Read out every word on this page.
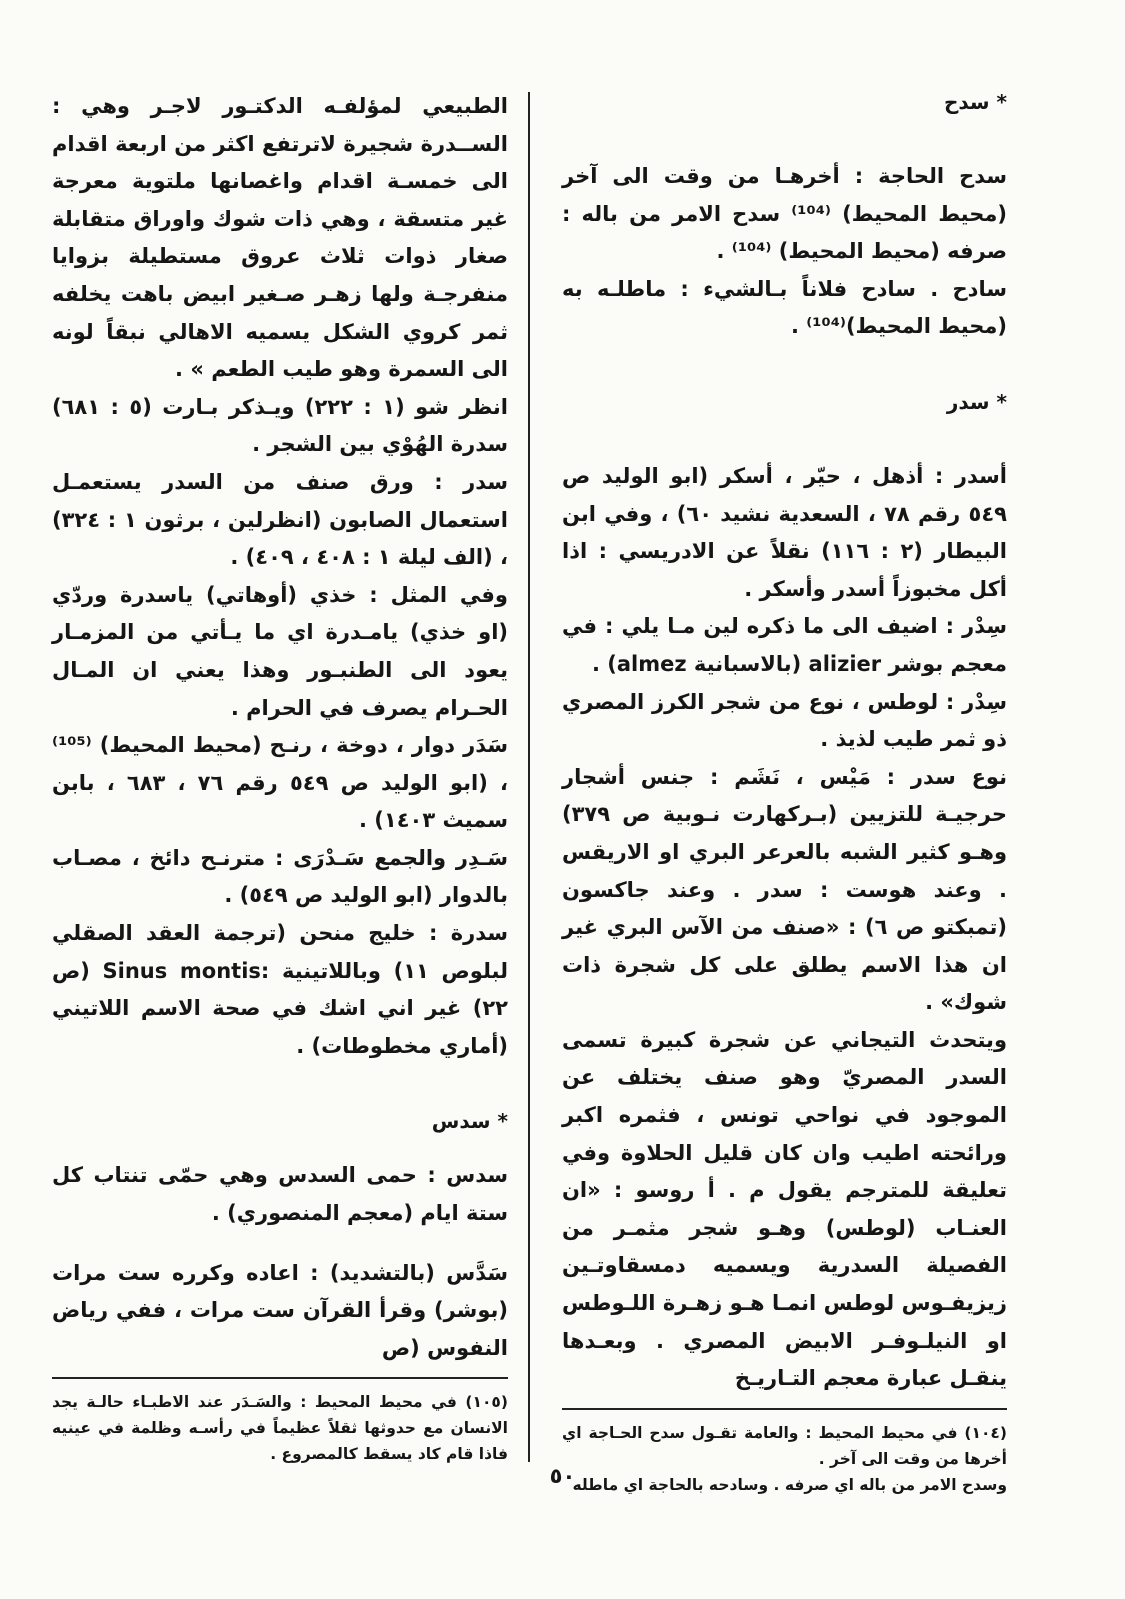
* سدح

سدح الحاجة : أخرهـا من وقت الى آخر (محيط المحيط) ⁽¹⁰⁴⁾ سدح الامر من باله : صرفه (محيط المحيط) ⁽¹⁰⁴⁾ .

سادح . سادح فلاناً بـالشيء : ماطلـه به (محيط المحيط)⁽¹⁰⁴⁾ .

* سدر

أسدر : أذهل ، حيّر ، أسكر (ابو الوليد ص ٥٤٩ رقم ٧٨ ، السعدية نشيد ٦٠) ، وفي ابن البيطار (٢ : ١١٦) نقلاً عن الادريسي : اذا أكل مخبوزاً أسدر وأسكر .

سِدْر : اضيف الى ما ذكره لين مـا يلي : في معجم بوشر alizier (بالاسبانية almez) .

سِدْر : لوطس ، نوع من شجر الكرز المصري ذو ثمر طيب لذيذ .

نوع سدر : مَيْس ، نَشَم : جنس أشجار حرجيـة للتزيين (بـركهارت نـوبية ص ٣٧٩) وهـو كثير الشبه بالعرعر البري او الاريقس . وعند هوست : سدر . وعند جاكسون (تمبكتو ص ٦) : «صنف من الآس البري غير ان هذا الاسم يطلق على كل شجرة ذات شوك» .

ويتحدث التيجاني عن شجرة كبيرة تسمى السدر المصريّ وهو صنف يختلف عن الموجود في نواحي تونس ، فثمره اكبر ورائحته اطيب وان كان قليل الحلاوة وفي تعليقة للمترجم يقول م . أ روسو : «ان العنـاب (لوطس) وهـو شجر مثمـر من الفصيلة السدرية ويسميه دمسقاوتـين زيزيفـوس لوطس انمـا هـو زهـرة اللـوطس او النيلـوفـر الابيض المصري . وبعـدها ينقـل عبارة معجم التـاريـخ

(١٠٤) في محيط المحيط : والعامة تقـول سدح الحـاجة اي أخرها من وقت الى آخر .

وسدح الامر من باله اي صرفه . وسادحه بالحاجة اي ماطله

الطبيعي لمؤلفـه الدكتـور لاجـر وهي : الســدرة شجيرة لاترتفع اكثر من اربعة اقدام الى خمسـة اقدام واغصانها ملتوية معرجة غير متسقة ، وهي ذات شوك واوراق متقابلة صغار ذوات ثلاث عروق مستطيلة بزوايا منفرجـة ولها زهـر صـغير ابيض باهت يخلفه ثمر كروي الشكل يسميه الاهالي نبقاً لونه الى السمرة وهو طيب الطعم » .

انظر شو (١ : ٢٢٢) ويـذكر بـارت (٥ : ٦٨١) سدرة الهُوْي بين الشجر .

سدر : ورق صنف من السدر يستعمـل استعمال الصابون (انظرلين ، برثون ١ : ٣٢٤) ، (الف ليلة ١ : ٤٠٨ ، ٤٠٩) .

وفي المثل : خذي (أوهاتي) ياسدرة وردّي (او خذي) يامـدرة اي ما يـأتي من المزمـار يعود الى الطنبـور وهذا يعني ان المـال الحـرام يصرف في الحرام .

سَدَر دوار ، دوخة ، رنـح (محيط المحيط) ⁽¹⁰⁵⁾ ، (ابو الوليد ص ٥٤٩ رقم ٧٦ ، ٦٨٣ ، بابن سميث ١٤٠٣) .

سَـدِر والجمع سَـدْرَى : مترنـح دائخ ، مصـاب بالدوار (ابو الوليد ص ٥٤٩) .

سدرة : خليج منحن (ترجمة العقد الصقلي لبلوص ١١) وباللاتينية :Sinus montis (ص ٢٢) غير اني اشك في صحة الاسم اللاتيني (أماري مخطوطات) .

* سدس

سدس : حمى السدس وهي حمّى تنتاب كل ستة ايام (معجم المنصوري) .

سَدَّس (بالتشديد) : اعاده وكرره ست مرات (بوشر) وقرأ القرآن ست مرات ، ففي رياض النفوس (ص

(١٠٥) في محيط المحيط : والسَـدَر عند الاطبـاء حالـة يجد الانسان مع حدوثها ثقلاً عظيماً في رأسـه وظلمة في عينيه فاذا قام كاد يسقط كالمصروع .

٥٠
